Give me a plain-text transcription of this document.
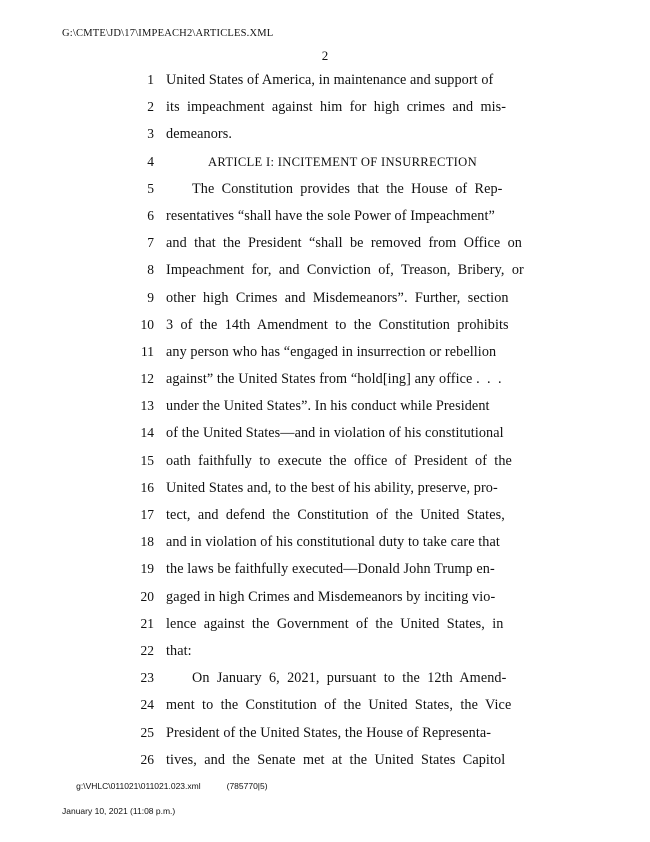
G:\CMTE\JD\17\IMPEACH2\ARTICLES.XML
2
1 United States of America, in maintenance and support of
2 its  impeachment  against  him  for  high  crimes  and  mis-
3 demeanors.
4	ARTICLE I: INCITEMENT OF INSURRECTION
5	The  Constitution  provides  that  the  House  of  Rep-
6 resentatives “shall have the sole Power of Impeachment”
7 and  that  the  President  “shall  be  removed  from  Office  on
8 Impeachment  for,  and  Conviction  of,  Treason,  Bribery,  or
9 other  high  Crimes  and  Misdemeanors”.  Further,  section
10 3  of  the  14th  Amendment  to  the  Constitution  prohibits
11 any person who has “engaged in insurrection or rebellion
12 against” the United States from “hold[ing] any office .  .  .
13 under the United States”. In his conduct while President
14 of the United States—and in violation of his constitutional
15 oath  faithfully  to  execute  the  office  of  President  of  the
16 United States and, to the best of his ability, preserve, pro-
17 tect,  and  defend  the  Constitution  of  the  United  States,
18 and in violation of his constitutional duty to take care that
19 the laws be faithfully executed—Donald John Trump en-
20 gaged in high Crimes and Misdemeanors by inciting vio-
21 lence  against  the  Government  of  the  United  States,  in
22 that:
23	On  January  6,  2021,  pursuant  to  the  12th  Amend-
24 ment  to  the  Constitution  of  the  United  States,  the  Vice
25 President of the United States, the House of Representa-
26 tives,  and  the  Senate  met  at  the  United  States  Capitol

g:\VHLC\011021\011021.023.xml	(785770|5)

January 10, 2021 (11:08 p.m.)
